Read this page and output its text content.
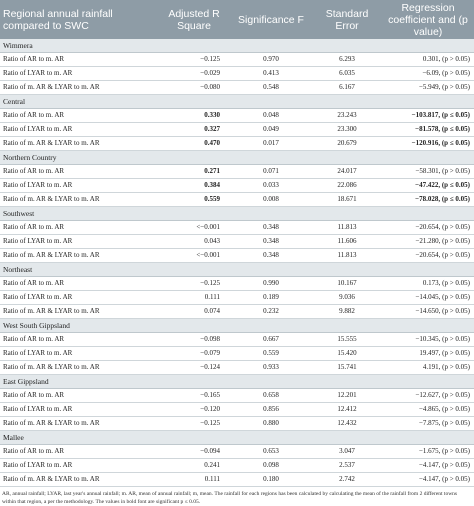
Regional annual rainfall compared to SWC	Adjusted R Square	Significance F	Standard Error	Regression coefficient and (p value)
Wimmera				
Ratio of AR to m. AR	−0.125	0.970	6.293	0.301, (p > 0.05)
Ratio of LYAR to m. AR	−0.029	0.413	6.035	−6.09, (p > 0.05)
Ratio of m. AR & LYAR to m. AR	−0.080	0.548	6.167	−5.949, (p > 0.05)
Central				
Ratio of AR to m. AR	0.330	0.048	23.243	−103.817, (p ≤ 0.05)
Ratio of LYAR to m. AR	0.327	0.049	23.300	−81.578, (p ≤ 0.05)
Ratio of m. AR & LYAR to m. AR	0.470	0.017	20.679	−120.916, (p ≤ 0.05)
Northern Country				
Ratio of AR to m. AR	0.271	0.071	24.017	−58.301, (p > 0.05)
Ratio of LYAR to m. AR	0.384	0.033	22.086	−47.422, (p ≤ 0.05)
Ratio of m. AR & LYAR to m. AR	0.559	0.008	18.671	−78.028, (p ≤ 0.05)
Southwest				
Ratio of AR to m. AR	<−0.001	0.348	11.813	−20.654, (p > 0.05)
Ratio of LYAR to m. AR	0.043	0.348	11.606	−21.280, (p > 0.05)
Ratio of m. AR & LYAR to m. AR	<−0.001	0.348	11.813	−20.654, (p > 0.05)
Northeast				
Ratio of AR to m. AR	−0.125	0.990	10.167	0.173, (p > 0.05)
Ratio of LYAR to m. AR	0.111	0.189	9.036	−14.045, (p > 0.05)
Ratio of m. AR & LYAR to m. AR	0.074	0.232	9.882	−14.650, (p > 0.05)
West South Gippsland				
Ratio of AR to m. AR	−0.098	0.667	15.555	−10.345, (p > 0.05)
Ratio of LYAR to m. AR	−0.079	0.559	15.420	19.497, (p > 0.05)
Ratio of m. AR & LYAR to m. AR	−0.124	0.933	15.741	4.191, (p > 0.05)
East Gippsland				
Ratio of AR to m. AR	−0.165	0.658	12.201	−12.627, (p > 0.05)
Ratio of LYAR to m. AR	−0.120	0.856	12.412	−4.865, (p > 0.05)
Ratio of m. AR & LYAR to m. AR	−0.125	0.880	12.432	−7.875, (p > 0.05)
Mallee				
Ratio of AR to m. AR	−0.094	0.653	3.047	−1.675, (p > 0.05)
Ratio of LYAR to m. AR	0.241	0.098	2.537	−4.147, (p > 0.05)
Ratio of m. AR & LYAR to m. AR	0.111	0.180	2.742	−4.147, (p > 0.05)
AR, annual rainfall; LYAR, last year's annual rainfall; m. AR, mean of annual rainfall; m, mean. The rainfall for each regions has been calculated by calculating the mean of the rainfall from 2 different towns within that region, a per the methodology. The values in bold font are significant p ≤ 0.05.
